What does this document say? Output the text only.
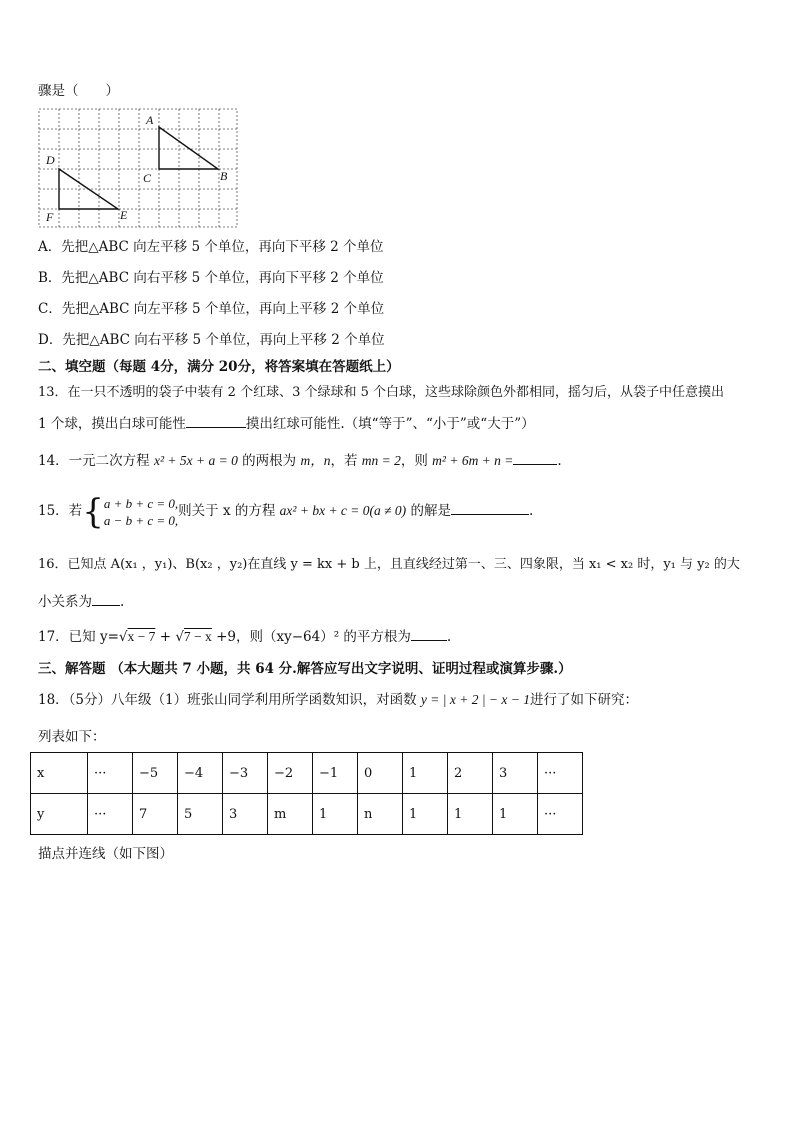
骤是（　　）
A
B
C
D
E
F
A．先把△ABC 向左平移 5 个单位，再向下平移 2 个单位
B．先把△ABC 向右平移 5 个单位，再向下平移 2 个单位
C．先把△ABC 向左平移 5 个单位，再向上平移 2 个单位
D．先把△ABC 向右平移 5 个单位，再向上平移 2 个单位
二、填空题（每题 4分，满分 20分，将答案填在答题纸上）
13．在一只不透明的袋子中装有 2 个红球、3 个绿球和 5 个白球，这些球除颜色外都相同，摇匀后，从袋子中任意摸出
1 个球，摸出白球可能性	摸出红球可能性.（填“等于”、“小于”或“大于”）
14．一元二次方程 x² + 5x + a = 0 的两根为 m，n，若 mn = 2，则 m² + 6m + n =	.
15．若 { a + b + c = 0,
a − b + c = 0,
则关于 x 的方程 ax² + bx + c = 0(a ≠ 0) 的解是	.
16．已知点 A(x₁ ，y₁)、B(x₂ ，y₂)在直线 y = kx + b 上，且直线经过第一、三、四象限，当 x₁ < x₂ 时，y₁ 与 y₂ 的大
小关系为 .
17．已知 y=√x − 7 + √7 − x +9，则（xy−64）² 的平方根为	.
三、解答题 （本大题共 7 小题，共 64 分.解答应写出文字说明、证明过程或演算步骤.）
18．（5分）八年级（1）班张山同学利用所学函数知识，对函数 y = | x + 2 | − x − 1进行了如下研究：
列表如下：
x	···	−5	−4	−3	−2	−1	0	1	2	3	···
y	···	7	5	3	m	1	n	1	1	1	···
描点并连线（如下图）
